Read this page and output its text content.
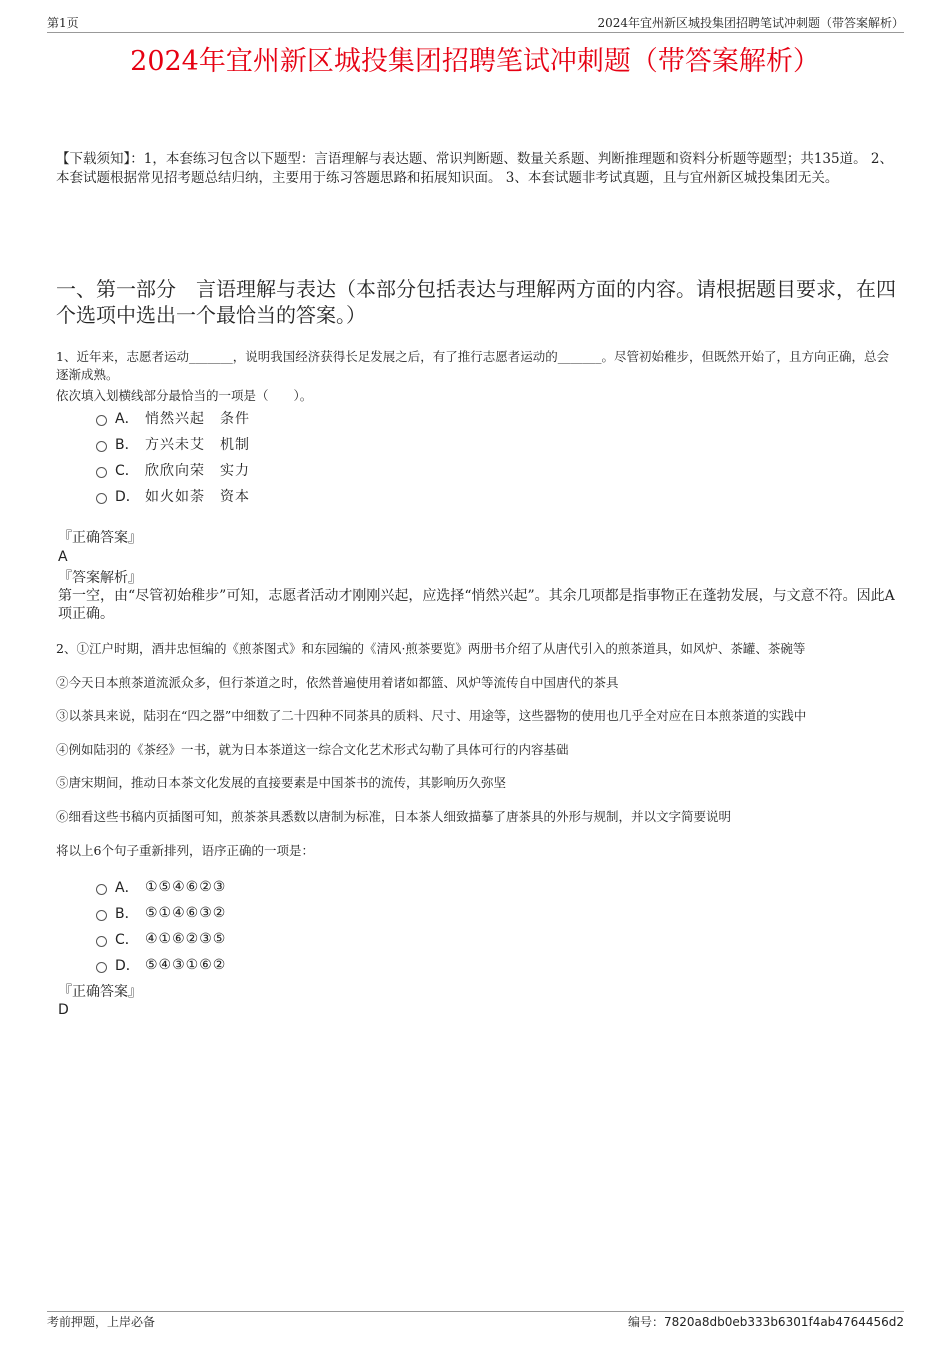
第1页	2024年宜州新区城投集团招聘笔试冲刺题（带答案解析）
2024年宜州新区城投集团招聘笔试冲刺题（带答案解析）

【下载须知】：1，本套练习包含以下题型：言语理解与表达题、常识判断题、数量关系题、判断推理题和资料分析题等题型；共135道。 2、本套试题根据常见招考题总结归纳，主要用于练习答题思路和拓展知识面。 3、本套试题非考试真题，且与宜州新区城投集团无关。

一、第一部分　言语理解与表达（本部分包括表达与理解两方面的内容。请根据题目要求，在四个选项中选出一个最恰当的答案。）

1、近年来，志愿者运动_______，说明我国经济获得长足发展之后，有了推行志愿者运动的_______。尽管初始稚步，但既然开始了，且方向正确，总会逐渐成熟。

依次填入划横线部分最恰当的一项是（　　）。

A． 悄然兴起　条件
B． 方兴未艾　机制
C． 欣欣向荣　实力
D． 如火如荼　资本
『正确答案』
A
『答案解析』

第一空，由“尽管初始稚步”可知，志愿者活动才刚刚兴起，应选择“悄然兴起”。其余几项都是指事物正在蓬勃发展，与文意不符。因此A项正确。

2、①江户时期，酒井忠恒编的《煎茶图式》和东园编的《清风·煎茶要览》两册书介绍了从唐代引入的煎茶道具，如风炉、茶罐、茶碗等

②今天日本煎茶道流派众多，但行茶道之时，依然普遍使用着诸如都篮、风炉等流传自中国唐代的茶具

③以茶具来说，陆羽在“四之器”中细数了二十四种不同茶具的质料、尺寸、用途等，这些器物的使用也几乎全对应在日本煎茶道的实践中

④例如陆羽的《茶经》一书，就为日本茶道这一综合文化艺术形式勾勒了具体可行的内容基础

⑤唐宋期间，推动日本茶文化发展的直接要素是中国茶书的流传，其影响历久弥坚

⑥细看这些书稿内页插图可知，煎茶茶具悉数以唐制为标准，日本茶人细致描摹了唐茶具的外形与规制，并以文字简要说明

将以上6个句子重新排列，语序正确的一项是：

A． ①⑤④⑥②③
B． ⑤①④⑥③②
C． ④①⑥②③⑤
D． ⑤④③①⑥②
『正确答案』
D
考前押题，上岸必备	编号：7820a8db0eb333b6301f4ab4764456d2
